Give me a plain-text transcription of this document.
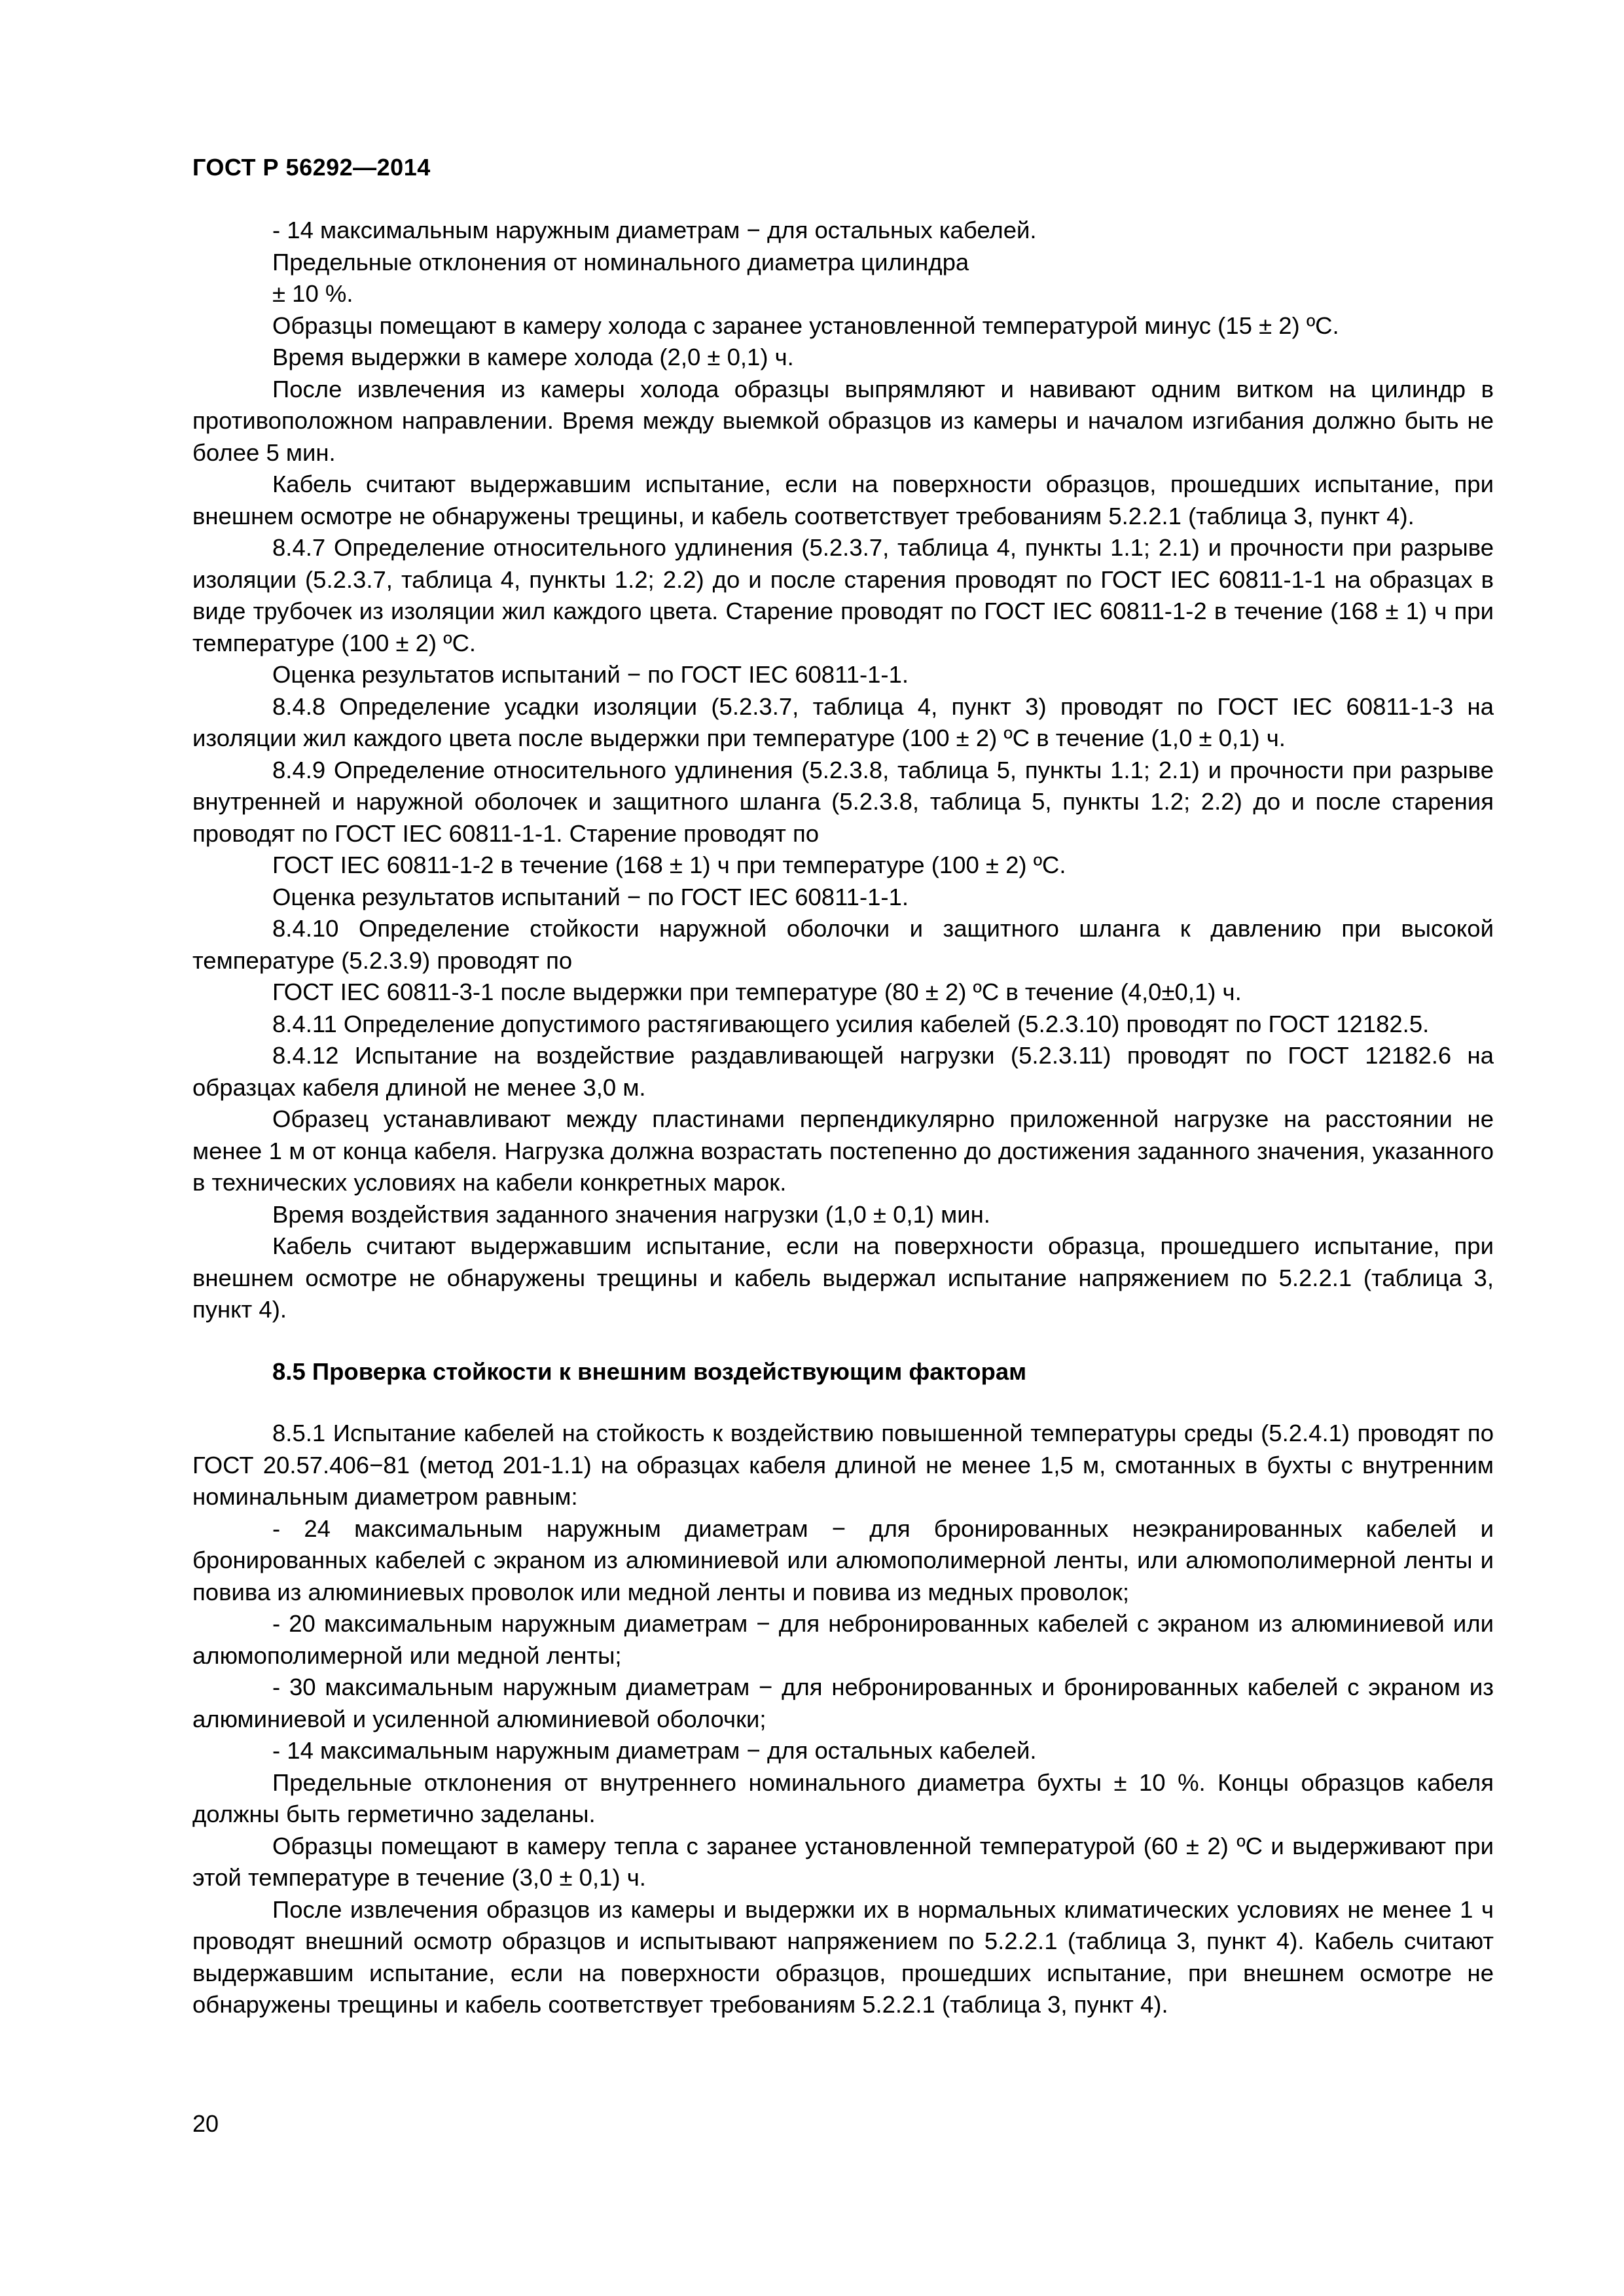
ГОСТ Р 56292—2014

- 14 максимальным наружным диаметрам − для остальных кабелей.

Предельные отклонения от номинального диаметра цилиндра

± 10 %.

Образцы помещают в камеру холода с заранее установленной температурой минус (15 ± 2) ºС.

Время выдержки в камере холода (2,0 ± 0,1) ч.

После извлечения из камеры холода образцы выпрямляют и навивают одним витком на цилиндр в противоположном направлении. Время между выемкой образцов из камеры и началом изгибания должно быть не более 5 мин.

Кабель считают выдержавшим испытание, если на поверхности образцов, прошедших испытание, при внешнем осмотре не обнаружены трещины, и кабель соответствует требованиям 5.2.2.1 (таблица 3, пункт 4).

8.4.7 Определение относительного удлинения (5.2.3.7, таблица 4, пункты 1.1; 2.1) и прочности при разрыве изоляции (5.2.3.7, таблица 4, пункты 1.2; 2.2) до и после старения проводят по ГОСТ IEC 60811-1-1 на образцах в виде трубочек из изоляции жил каждого цвета. Старение проводят по ГОСТ IEC 60811-1-2 в течение (168 ± 1) ч при температуре (100 ± 2) ºС.

Оценка результатов испытаний − по ГОСТ IEC 60811-1-1.

8.4.8 Определение усадки изоляции (5.2.3.7, таблица 4, пункт 3) проводят по ГОСТ IEC 60811-1-3 на изоляции жил каждого цвета после выдержки при температуре (100 ± 2) ºС в течение (1,0 ± 0,1) ч.

8.4.9 Определение относительного удлинения (5.2.3.8, таблица 5, пункты 1.1; 2.1) и прочности при разрыве внутренней и наружной оболочек и защитного шланга (5.2.3.8, таблица 5, пункты 1.2; 2.2) до и после старения проводят по ГОСТ IEC 60811-1-1. Старение проводят по

ГОСТ IEC 60811-1-2 в течение (168 ± 1) ч при температуре (100 ± 2) ºС.

Оценка результатов испытаний − по ГОСТ IEC 60811-1-1.

8.4.10 Определение стойкости наружной оболочки и защитного шланга к давлению при высокой температуре (5.2.3.9) проводят по

ГОСТ IEC 60811-3-1 после выдержки при температуре (80 ± 2) ºС в течение (4,0±0,1) ч.

8.4.11 Определение допустимого растягивающего усилия кабелей (5.2.3.10) проводят по ГОСТ 12182.5.

8.4.12 Испытание на воздействие раздавливающей нагрузки (5.2.3.11) проводят по ГОСТ 12182.6 на образцах кабеля длиной не менее 3,0 м.

Образец устанавливают между пластинами перпендикулярно приложенной нагрузке на расстоянии не менее 1 м от конца кабеля. Нагрузка должна возрастать постепенно до достижения заданного значения, указанного в технических условиях на кабели конкретных марок.

Время воздействия заданного значения нагрузки (1,0 ± 0,1) мин.

Кабель считают выдержавшим испытание, если на поверхности образца, прошедшего испытание, при внешнем осмотре не обнаружены трещины и кабель выдержал испытание напряжением по 5.2.2.1 (таблица 3, пункт 4).

8.5 Проверка стойкости к внешним воздействующим факторам

8.5.1 Испытание кабелей на стойкость к воздействию повышенной температуры среды (5.2.4.1) проводят по ГОСТ 20.57.406−81 (метод 201-1.1) на образцах кабеля длиной не менее 1,5 м, смотанных в бухты с внутренним номинальным диаметром равным:

- 24 максимальным наружным диаметрам − для бронированных неэкранированных кабелей и бронированных кабелей с экраном из алюминиевой или алюмополимерной ленты, или алюмополимерной ленты и повива из алюминиевых проволок или медной ленты и повива из медных проволок;

- 20 максимальным наружным диаметрам − для небронированных кабелей с экраном из алюминиевой или алюмополимерной или медной ленты;

- 30 максимальным наружным диаметрам − для небронированных и бронированных кабелей с экраном из алюминиевой и усиленной алюминиевой оболочки;

- 14 максимальным наружным диаметрам − для остальных кабелей.

Предельные отклонения от внутреннего номинального диаметра бухты ± 10 %. Концы образцов кабеля должны быть герметично заделаны.

Образцы помещают в камеру тепла с заранее установленной температурой (60 ± 2) ºС и выдерживают при этой температуре в течение (3,0 ± 0,1) ч.

После извлечения образцов из камеры и выдержки их в нормальных климатических условиях не менее 1 ч проводят внешний осмотр образцов и испытывают напряжением по 5.2.2.1 (таблица 3, пункт 4). Кабель считают выдержавшим испытание, если на поверхности образцов, прошедших испытание, при внешнем осмотре не обнаружены трещины и кабель соответствует требованиям 5.2.2.1 (таблица 3, пункт 4).

20
